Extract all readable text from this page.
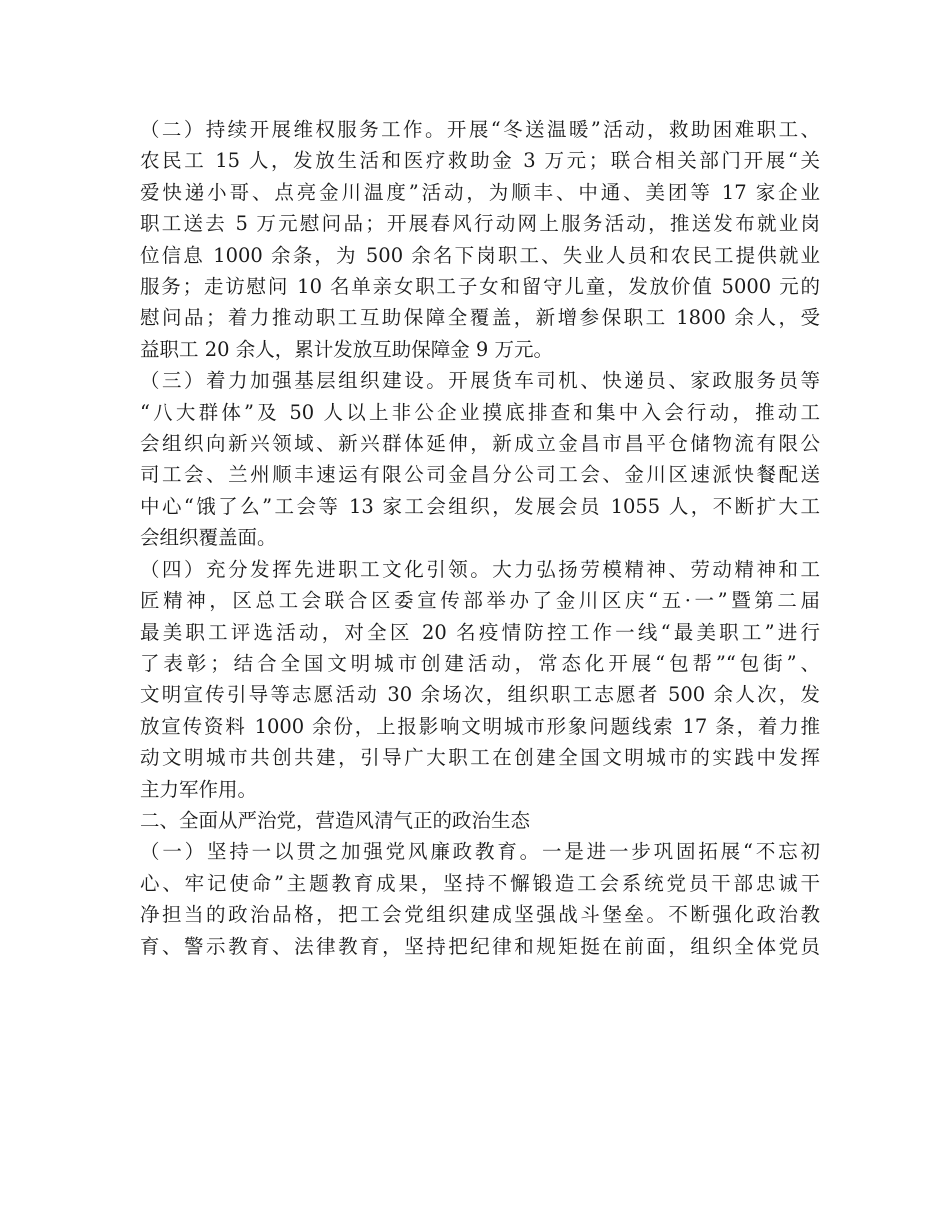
（二）持续开展维权服务工作。开展“冬送温暖”活动，救助困难职工、
农民工 15 人，发放生活和医疗救助金 3 万元；联合相关部门开展“关
爱快递小哥、点亮金川温度”活动，为顺丰、中通、美团等 17 家企业
职工送去 5 万元慰问品；开展春风行动网上服务活动，推送发布就业岗
位信息 1000 余条，为 500 余名下岗职工、失业人员和农民工提供就业
服务；走访慰问 10 名单亲女职工子女和留守儿童，发放价值 5000 元的
慰问品；着力推动职工互助保障全覆盖，新增参保职工 1800 余人，受
益职工 20 余人，累计发放互助保障金 9 万元。
（三）着力加强基层组织建设。开展货车司机、快递员、家政服务员等
“八大群体”及 50 人以上非公企业摸底排查和集中入会行动，推动工
会组织向新兴领域、新兴群体延伸，新成立金昌市昌平仓储物流有限公
司工会、兰州顺丰速运有限公司金昌分公司工会、金川区速派快餐配送
中心“饿了么”工会等 13 家工会组织，发展会员 1055 人，不断扩大工
会组织覆盖面。
（四）充分发挥先进职工文化引领。大力弘扬劳模精神、劳动精神和工
匠精神，区总工会联合区委宣传部举办了金川区庆“五·一”暨第二届
最美职工评选活动，对全区 20 名疫情防控工作一线“最美职工”进行
了表彰；结合全国文明城市创建活动，常态化开展“包帮”“包街”、
文明宣传引导等志愿活动 30 余场次，组织职工志愿者 500 余人次，发
放宣传资料 1000 余份，上报影响文明城市形象问题线索 17 条，着力推
动文明城市共创共建，引导广大职工在创建全国文明城市的实践中发挥
主力军作用。
二、全面从严治党，营造风清气正的政治生态
（一）坚持一以贯之加强党风廉政教育。一是进一步巩固拓展“不忘初
心、牢记使命”主题教育成果，坚持不懈锻造工会系统党员干部忠诚干
净担当的政治品格，把工会党组织建成坚强战斗堡垒。不断强化政治教
育、警示教育、法律教育，坚持把纪律和规矩挺在前面，组织全体党员
